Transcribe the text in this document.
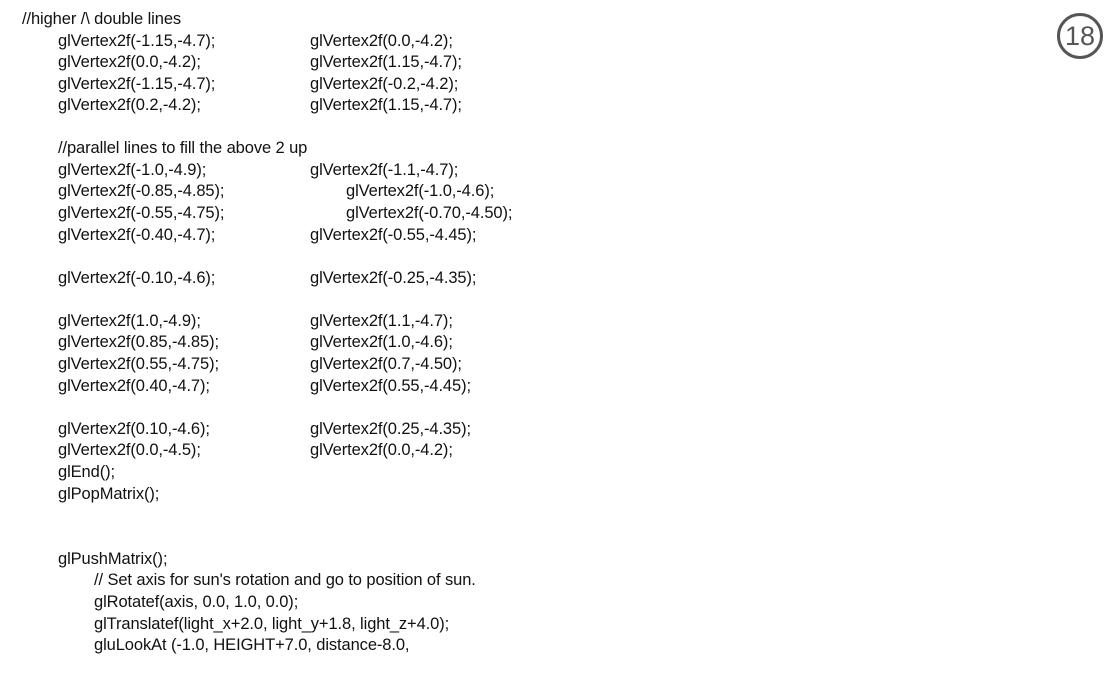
//higher /\ double lines
glVertex2f(-1.15,-4.7);	glVertex2f(0.0,-4.2);
glVertex2f(0.0,-4.2);	glVertex2f(1.15,-4.7);
glVertex2f(-1.15,-4.7);	glVertex2f(-0.2,-4.2);
glVertex2f(0.2,-4.2);	glVertex2f(1.15,-4.7);
//parallel lines to fill the above 2 up
glVertex2f(-1.0,-4.9);	glVertex2f(-1.1,-4.7);
glVertex2f(-0.85,-4.85);	glVertex2f(-1.0,-4.6);
glVertex2f(-0.55,-4.75);	glVertex2f(-0.70,-4.50);
glVertex2f(-0.40,-4.7);	glVertex2f(-0.55,-4.45);
glVertex2f(-0.10,-4.6);	glVertex2f(-0.25,-4.35);
glVertex2f(1.0,-4.9);	glVertex2f(1.1,-4.7);
glVertex2f(0.85,-4.85);	glVertex2f(1.0,-4.6);
glVertex2f(0.55,-4.75);	glVertex2f(0.7,-4.50);
glVertex2f(0.40,-4.7);	glVertex2f(0.55,-4.45);
glVertex2f(0.10,-4.6);	glVertex2f(0.25,-4.35);
glVertex2f(0.0,-4.5);	glVertex2f(0.0,-4.2);
glEnd();
glPopMatrix();
glPushMatrix();
// Set axis for sun's rotation and go to position of sun.
glRotatef(axis, 0.0, 1.0, 0.0);
glTranslatef(light_x+2.0, light_y+1.8, light_z+4.0);
gluLookAt (-1.0, HEIGHT+7.0, distance-8.0,
18
